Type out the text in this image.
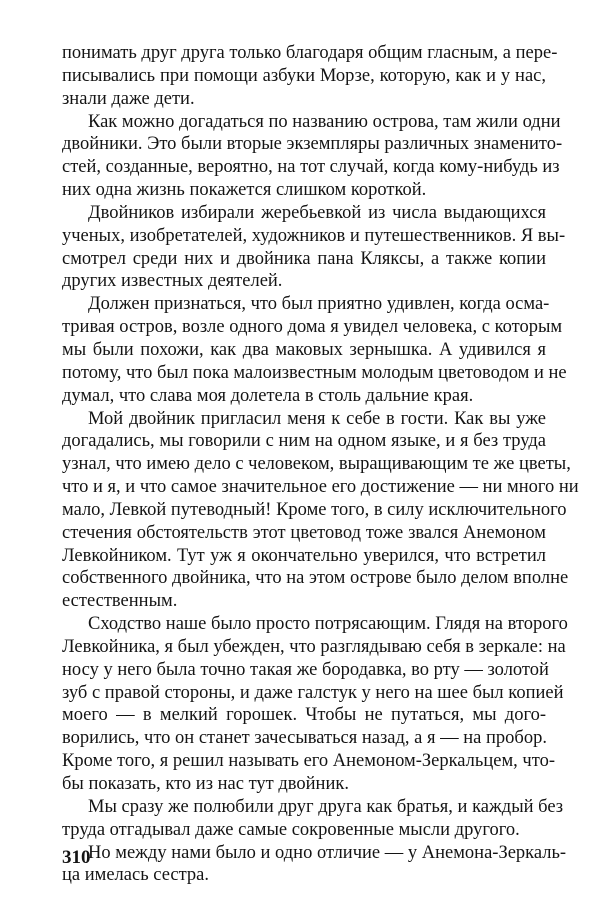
понимать друг друга только благодаря общим гласным, а пере-
писывались при помощи азбуки Морзе, которую, как и у нас,
знали даже дети.
Как можно догадаться по названию острова, там жили одни
двойники. Это были вторые экземпляры различных знаменито-
стей, созданные, вероятно, на тот случай, когда кому-нибудь из
них одна жизнь покажется слишком короткой.
Двойников избирали жеребьевкой из числа выдающихся
ученых, изобретателей, художников и путешественников. Я вы-
смотрел среди них и двойника пана Кляксы, а также копии
других известных деятелей.
Должен признаться, что был приятно удивлен, когда осма-
тривая остров, возле одного дома я увидел человека, с которым
мы были похожи, как два маковых зернышка. А удивился я
потому, что был пока малоизвестным молодым цветоводом и не
думал, что слава моя долетела в столь дальние края.
Мой двойник пригласил меня к себе в гости. Как вы уже
догадались, мы говорили с ним на одном языке, и я без труда
узнал, что имею дело с человеком, выращивающим те же цветы,
что и я, и что самое значительное его достижение — ни много ни
мало, Левкой путеводный! Кроме того, в силу исключительного
стечения обстоятельств этот цветовод тоже звался Анемоном
Левкойником. Тут уж я окончательно уверился, что встретил
собственного двойника, что на этом острове было делом вполне
естественным.
Сходство наше было просто потрясающим. Глядя на второго
Левкойника, я был убежден, что разглядываю себя в зеркале: на
носу у него была точно такая же бородавка, во рту — золотой
зуб с правой стороны, и даже галстук у него на шее был копией
моего — в мелкий горошек. Чтобы не путаться, мы дого-
ворились, что он станет зачесываться назад, а я — на пробор.
Кроме того, я решил называть его Анемоном-Зеркальцем, что-
бы показать, кто из нас тут двойник.
Мы сразу же полюбили друг друга как братья, и каждый без
труда отгадывал даже самые сокровенные мысли другого.
Но между нами было и одно отличие — у Анемона-Зеркаль-
ца имелась сестра.
310
